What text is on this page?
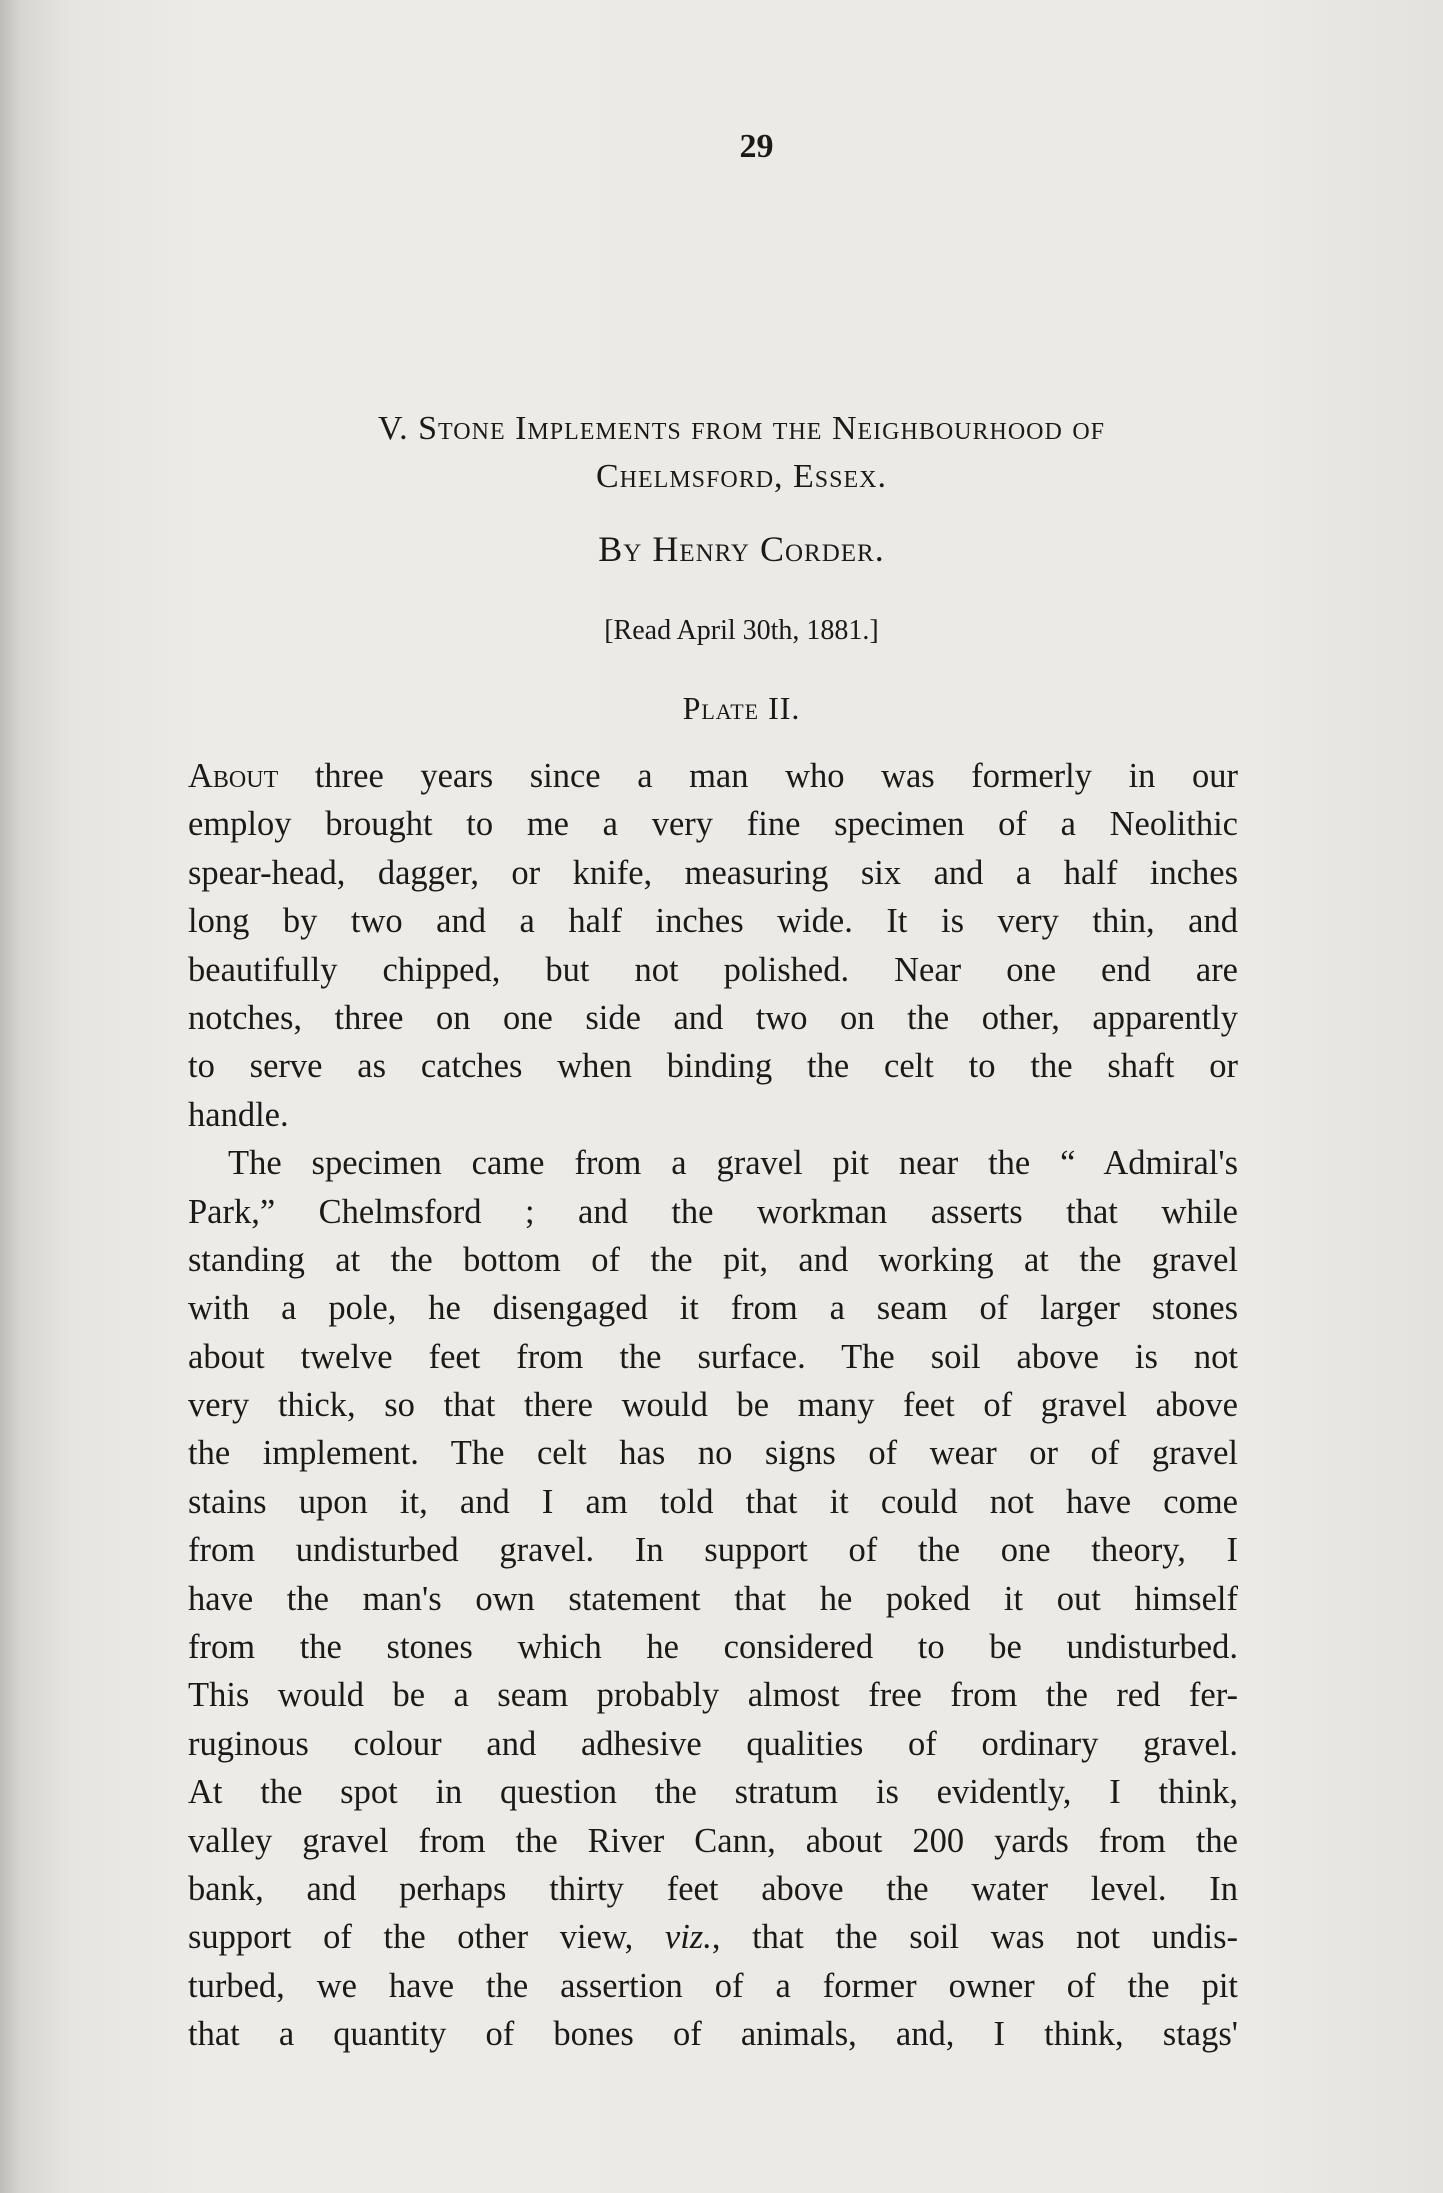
29
V. Stone Implements from the Neighbourhood of
Chelmsford, Essex.
By Henry Corder.
[Read April 30th, 1881.]
Plate II.
About three years since a man who was formerly in our
employ brought to me a very fine specimen of a Neolithic
spear-head, dagger, or knife, measuring six and a half inches
long by two and a half inches wide. It is very thin, and
beautifully chipped, but not polished. Near one end are
notches, three on one side and two on the other, apparently
to serve as catches when binding the celt to the shaft or
handle.
The specimen came from a gravel pit near the “ Admiral's
Park,” Chelmsford ; and the workman asserts that while
standing at the bottom of the pit, and working at the gravel
with a pole, he disengaged it from a seam of larger stones
about twelve feet from the surface. The soil above is not
very thick, so that there would be many feet of gravel above
the implement. The celt has no signs of wear or of gravel
stains upon it, and I am told that it could not have come
from undisturbed gravel. In support of the one theory, I
have the man's own statement that he poked it out himself
from the stones which he considered to be undisturbed.
This would be a seam probably almost free from the red fer-
ruginous colour and adhesive qualities of ordinary gravel.
At the spot in question the stratum is evidently, I think,
valley gravel from the River Cann, about 200 yards from the
bank, and perhaps thirty feet above the water level. In
support of the other view, viz., that the soil was not undis-
turbed, we have the assertion of a former owner of the pit
that a quantity of bones of animals, and, I think, stags'
